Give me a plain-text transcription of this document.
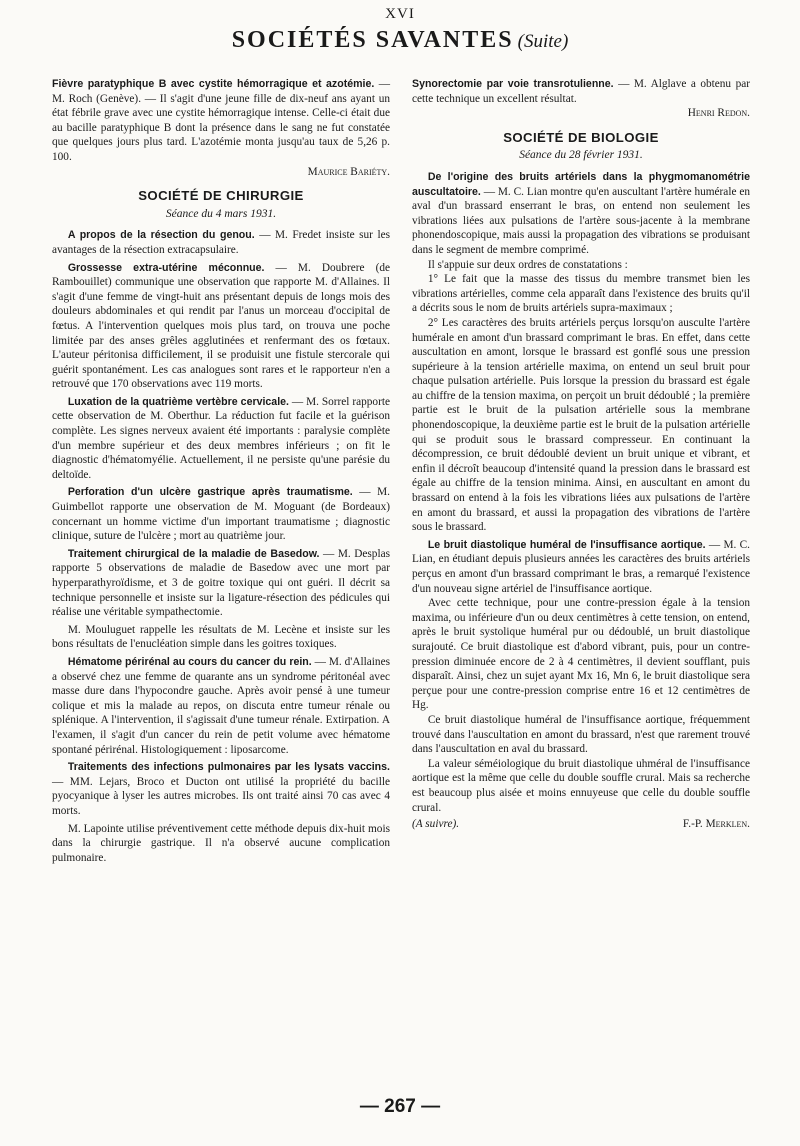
XVI
SOCIÉTÉS SAVANTES (Suite)

Fièvre paratyphique B avec cystite hémorragique et azotémie. — M. Roch (Genève). — Il s'agit d'une jeune fille de dix-neuf ans ayant un état fébrile grave avec une cystite hémorragique intense. Celle-ci était due au bacille paratyphique B dont la présence dans le sang ne fut constatée que quelques jours plus tard. L'azotémie monta jusqu'au taux de 5,26 p. 100.

Maurice Bariéty.

SOCIÉTÉ DE CHIRURGIE

Séance du 4 mars 1931.

A propos de la résection du genou. — M. Fredet insiste sur les avantages de la résection extracapsulaire.

Grossesse extra-utérine méconnue. — M. Doubrere (de Rambouillet) communique une observation que rapporte M. d'Allaines. Il s'agit d'une femme de vingt-huit ans présentant depuis de longs mois des douleurs abdominales et qui rendit par l'anus un morceau d'occipital de fœtus. A l'intervention quelques mois plus tard, on trouva une poche limitée par des anses grêles agglutinées et renfermant des os fœtaux. L'auteur péritonisa difficilement, il se produisit une fistule stercorale qui guérit spontanément. Les cas analogues sont rares et le rapporteur n'en a retrouvé que 170 observations avec 119 morts.

Luxation de la quatrième vertèbre cervicale. — M. Sorrel rapporte cette observation de M. Oberthur. La réduction fut facile et la guérison complète. Les signes nerveux avaient été importants : paralysie complète d'un membre supérieur et des deux membres inférieurs ; on fit le diagnostic d'hématomyélie. Actuellement, il ne persiste qu'une parésie du deltoïde.

Perforation d'un ulcère gastrique après traumatisme. — M. Guimbellot rapporte une observation de M. Moguant (de Bordeaux) concernant un homme victime d'un important traumatisme ; diagnostic clinique, suture de l'ulcère ; mort au quatrième jour.

Traitement chirurgical de la maladie de Basedow. — M. Desplas rapporte 5 observations de maladie de Basedow avec une mort par hyperparathyroïdisme, et 3 de goitre toxique qui ont guéri. Il décrit sa technique personnelle et insiste sur la ligature-résection des pédicules qui réalise une véritable sympathectomie.

M. Mouluguet rappelle les résultats de M. Lecène et insiste sur les bons résultats de l'enucléation simple dans les goitres toxiques.

Hématome périrénal au cours du cancer du rein. — M. d'Allaines a observé chez une femme de quarante ans un syndrome péritonéal avec masse dure dans l'hypocondre gauche. Après avoir pensé à une tumeur colique et mis la malade au repos, on discuta entre tumeur rénale ou splénique. A l'intervention, il s'agissait d'une tumeur rénale. Extirpation. A l'examen, il s'agit d'un cancer du rein de petit volume avec hématome spontané périrénal. Histologiquement : liposarcome.

Traitements des infections pulmonaires par les lysats vaccins. — MM. Lejars, Broco et Ducton ont utilisé la propriété du bacille pyocyanique à lyser les autres microbes. Ils ont traité ainsi 70 cas avec 4 morts.

M. Lapointe utilise préventivement cette méthode depuis dix-huit mois dans la chirurgie gastrique. Il n'a observé aucune complication pulmonaire.

Synorectomie par voie transrotulienne. — M. Alglave a obtenu par cette technique un excellent résultat.

Henri Redon.

SOCIÉTÉ DE BIOLOGIE

Séance du 28 février 1931.

De l'origine des bruits artériels dans la phygmomanométrie auscultatoire. — M. C. Lian montre qu'en auscultant l'artère humérale en aval d'un brassard enserrant le bras, on entend non seulement les vibrations liées aux pulsations de l'artère sous-jacente à la membrane phonendoscopique, mais aussi la propagation des vibrations se produisant dans le segment de membre comprimé.

Il s'appuie sur deux ordres de constatations :

1° Le fait que la masse des tissus du membre transmet bien les vibrations artérielles, comme cela apparaît dans l'existence des bruits qu'il a décrits sous le nom de bruits artériels supra-maximaux ;

2° Les caractères des bruits artériels perçus lorsqu'on ausculte l'artère humérale en amont d'un brassard comprimant le bras. En effet, dans cette auscultation en amont, lorsque le brassard est gonflé sous une pression supérieure à la tension artérielle maxima, on entend un seul bruit pour chaque pulsation artérielle. Puis lorsque la pression du brassard est égale au chiffre de la tension maxima, on perçoit un bruit dédoublé ; la première partie est le bruit de la pulsation artérielle sous la membrane phonendoscopique, la deuxième partie est le bruit de la pulsation artérielle qui se produit sous le brassard compresseur. En continuant la décompression, ce bruit dédoublé devient un bruit unique et vibrant, et enfin il décroît beaucoup d'intensité quand la pression dans le brassard est égale au chiffre de la tension minima. Ainsi, en auscultant en amont du brassard on entend à la fois les vibrations liées aux pulsations de l'artère en amont du brassard, et aussi la propagation des vibrations de l'artère sous le brassard.

Le bruit diastolique huméral de l'insuffisance aortique. — M. C. Lian, en étudiant depuis plusieurs années les caractères des bruits artériels perçus en amont d'un brassard comprimant le bras, a remarqué l'existence d'un nouveau signe artériel de l'insuffisance aortique.

Avec cette technique, pour une contre-pression égale à la tension maxima, ou inférieure d'un ou deux centimètres à cette tension, on entend, après le bruit systolique huméral pur ou dédoublé, un bruit diastolique surajouté. Ce bruit diastolique est d'abord vibrant, puis, pour un contre-pression diminuée encore de 2 à 4 centimètres, il devient soufflant, puis disparaît. Ainsi, chez un sujet ayant Mx 16, Mn 6, le bruit diastolique sera perçue pour une contre-pression comprise entre 16 et 12 centimètres de Hg.

Ce bruit diastolique huméral de l'insuffisance aortique, fréquemment trouvé dans l'auscultation en amont du brassard, n'est que rarement trouvé dans l'auscultation en aval du brassard.

La valeur séméiologique du bruit diastolique uhméral de l'insuffisance aortique est la même que celle du double souffle crural. Mais sa recherche est beaucoup plus aisée et moins ennuyeuse que celle du double souffle crural.

(A suivre).	F.-P. Merklen.
— 267 —
